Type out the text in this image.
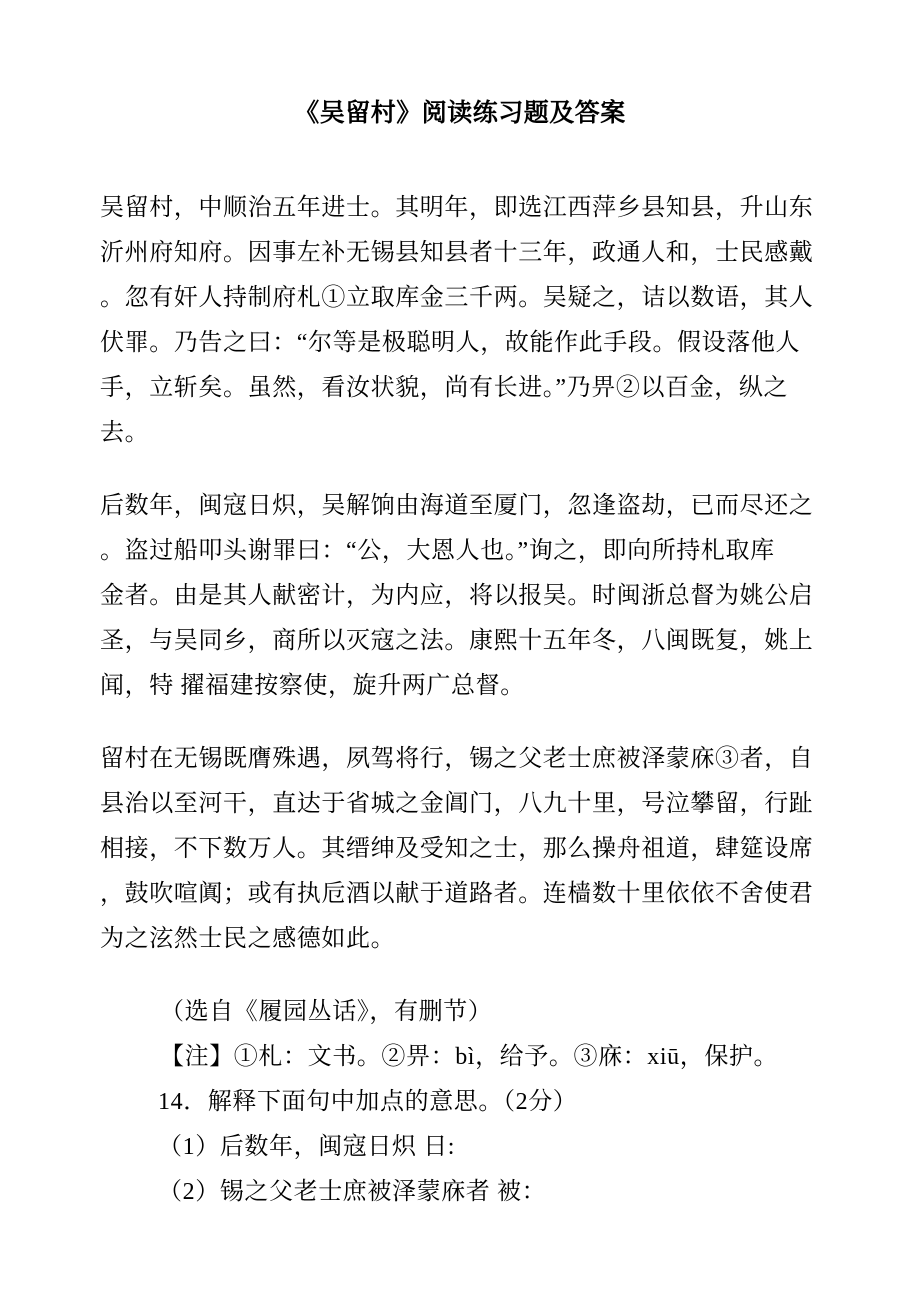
《吴留村》阅读练习题及答案
吴留村，中顺治五年进士。其明年，即选江西萍乡县知县，升山东
沂州府知府。因事左补无锡县知县者十三年，政通人和，士民感戴
。忽有奸人持制府札①立取库金三千两。吴疑之，诘以数语，其人
伏罪。乃告之曰：“尔等是极聪明人，故能作此手段。假设落他人
手，立斩矣。虽然，看汝状貌，尚有长进。”乃畀②以百金，纵之
去。
后数年，闽寇日炽，吴解饷由海道至厦门，忽逢盗劫，已而尽还之
。盗过船叩头谢罪曰：“公，大恩人也。”询之，即向所持札取库
金者。由是其人献密计，为内应，将以报吴。时闽浙总督为姚公启
圣，与吴同乡，商所以灭寇之法。康熙十五年冬，八闽既复，姚上
闻，特 擢福建按察使，旋升两广总督。
留村在无锡既膺殊遇，夙驾将行，锡之父老士庶被泽蒙庥③者，自
县治以至河干，直达于省城之金阊门，八九十里，号泣攀留，行趾
相接，不下数万人。其缙绅及受知之士，那么操舟祖道，肆筵设席
，鼓吹喧阗；或有执卮酒以献于道路者。连樯数十里依依不舍使君
为之泫然士民之感德如此。
（选自《履园丛话》，有删节）
【注】①札：文书。②畀：bì，给予。③庥：xiū，保护。
14．解释下面句中加点的意思。（2分）
（1）后数年，闽寇日炽 日:
（2）锡之父老士庶被泽蒙庥者 被：
